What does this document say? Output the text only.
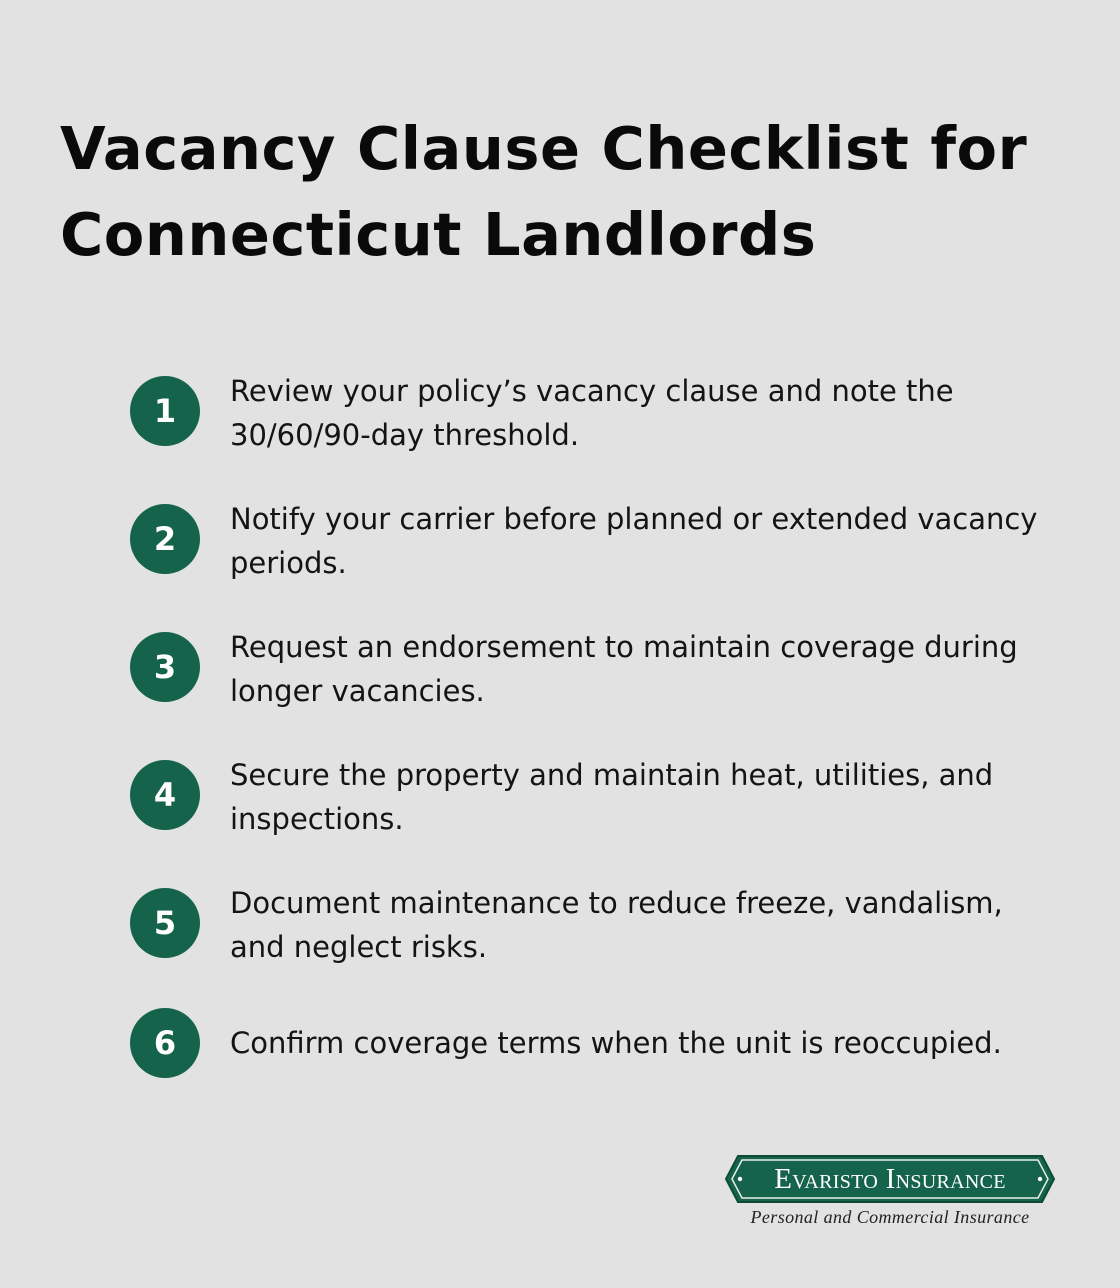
Vacancy Clause Checklist for Connecticut Landlords
1
Review your policy’s vacancy clause and note the 30/60/90-day threshold.
2
Notify your carrier before planned or extended vacancy periods.
3
Request an endorsement to maintain coverage during longer vacancies.
4
Secure the property and maintain heat, utilities, and inspections.
5
Document maintenance to reduce freeze, vandalism, and neglect risks.
6	Confirm coverage terms when the unit is reoccupied.
Evaristo Insurance
Personal and Commercial Insurance
